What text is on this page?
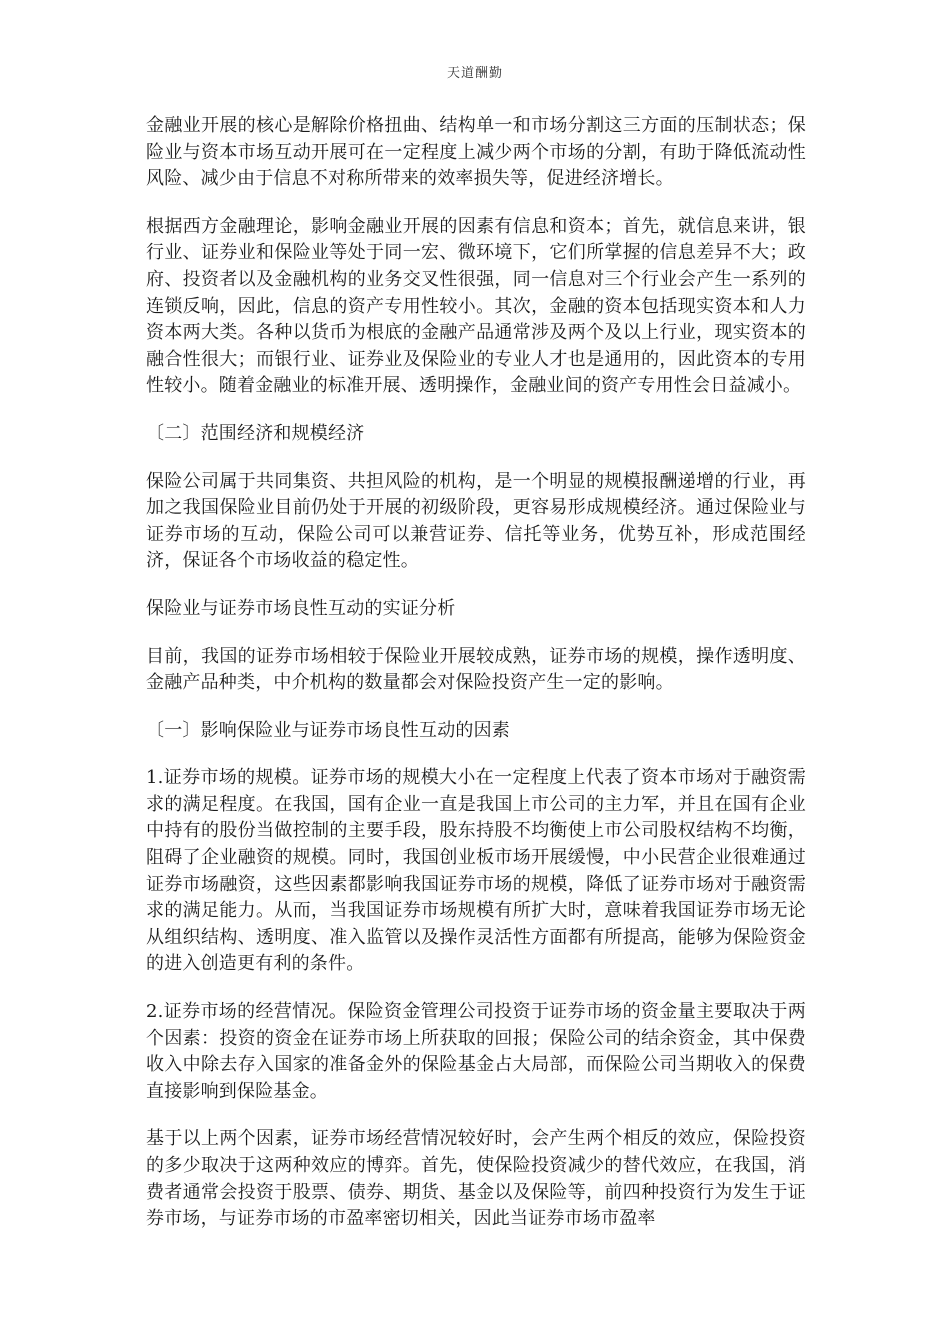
天道酬勤

金融业开展的核心是解除价格扭曲、结构单一和市场分割这三方面的压制状态；保险业与资本市场互动开展可在一定程度上减少两个市场的分割，有助于降低流动性风险、减少由于信息不对称所带来的效率损失等，促进经济增长。

根据西方金融理论，影响金融业开展的因素有信息和资本；首先，就信息来讲，银行业、证券业和保险业等处于同一宏、微环境下，它们所掌握的信息差异不大；政府、投资者以及金融机构的业务交叉性很强，同一信息对三个行业会产生一系列的连锁反响，因此，信息的资产专用性较小。其次，金融的资本包括现实资本和人力资本两大类。各种以货币为根底的金融产品通常涉及两个及以上行业，现实资本的融合性很大；而银行业、证券业及保险业的专业人才也是通用的，因此资本的专用性较小。随着金融业的标准开展、透明操作，金融业间的资产专用性会日益减小。

〔二〕范围经济和规模经济

保险公司属于共同集资、共担风险的机构，是一个明显的规模报酬递增的行业，再加之我国保险业目前仍处于开展的初级阶段，更容易形成规模经济。通过保险业与证券市场的互动，保险公司可以兼营证券、信托等业务，优势互补，形成范围经济，保证各个市场收益的稳定性。

保险业与证券市场良性互动的实证分析

目前，我国的证券市场相较于保险业开展较成熟，证券市场的规模，操作透明度、金融产品种类，中介机构的数量都会对保险投资产生一定的影响。

〔一〕影响保险业与证券市场良性互动的因素

1.证券市场的规模。证券市场的规模大小在一定程度上代表了资本市场对于融资需求的满足程度。在我国，国有企业一直是我国上市公司的主力军，并且在国有企业中持有的股份当做控制的主要手段，股东持股不均衡使上市公司股权结构不均衡，阻碍了企业融资的规模。同时，我国创业板市场开展缓慢，中小民营企业很难通过证券市场融资，这些因素都影响我国证券市场的规模，降低了证券市场对于融资需求的满足能力。从而，当我国证券市场规模有所扩大时，意味着我国证券市场无论从组织结构、透明度、准入监管以及操作灵活性方面都有所提高，能够为保险资金的进入创造更有利的条件。

2.证券市场的经营情况。保险资金管理公司投资于证券市场的资金量主要取决于两个因素：投资的资金在证券市场上所获取的回报；保险公司的结余资金，其中保费收入中除去存入国家的准备金外的保险基金占大局部，而保险公司当期收入的保费直接影响到保险基金。

基于以上两个因素，证券市场经营情况较好时，会产生两个相反的效应，保险投资的多少取决于这两种效应的博弈。首先，使保险投资减少的替代效应，在我国，消费者通常会投资于股票、债券、期货、基金以及保险等，前四种投资行为发生于证券市场，与证券市场的市盈率密切相关，因此当证券市场市盈率
